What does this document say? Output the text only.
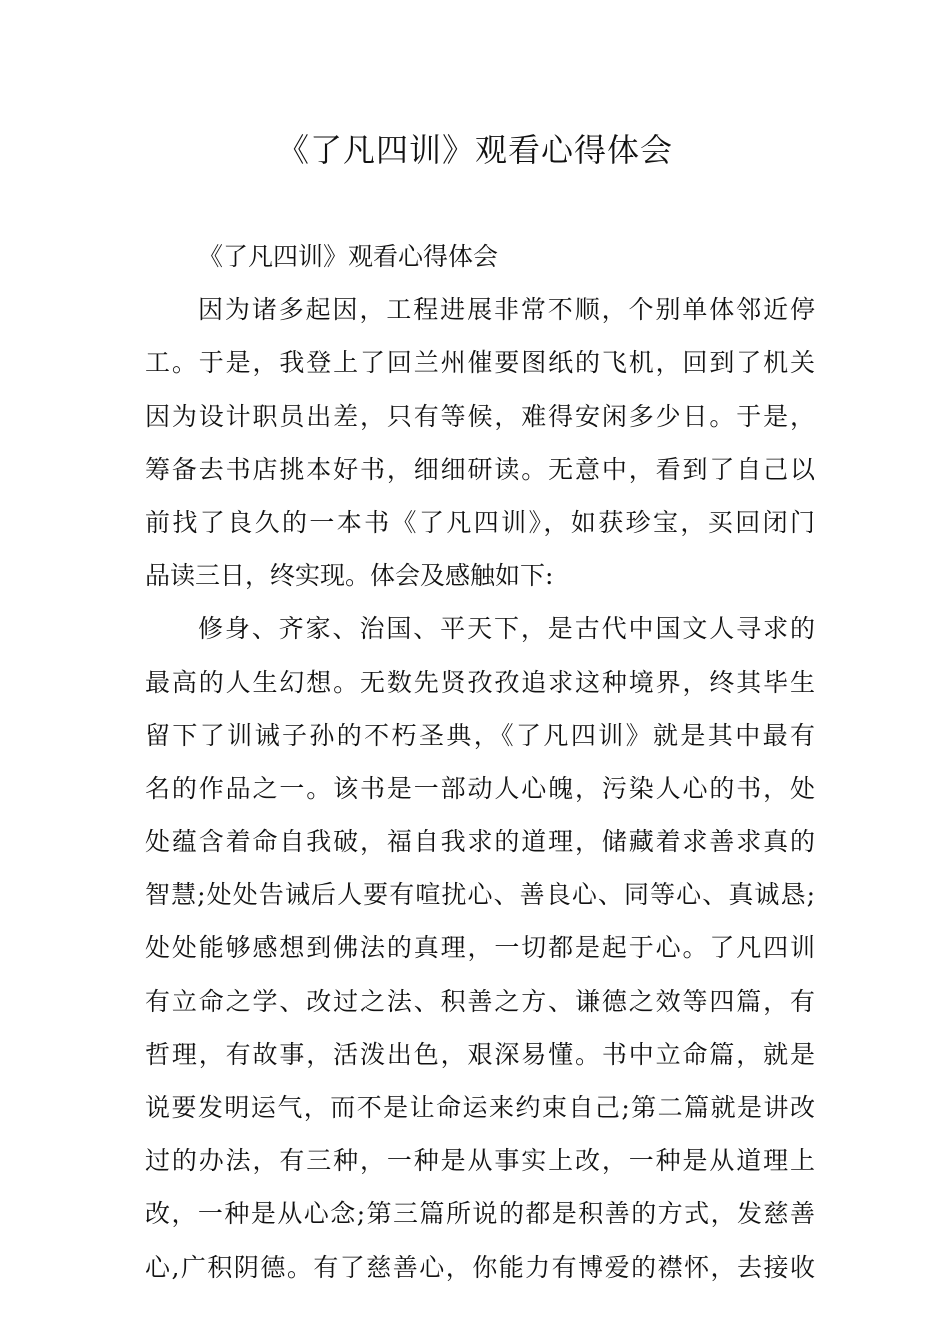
《了凡四训》观看心得体会
《了凡四训》观看心得体会
因为诸多起因，工程进展非常不顺，个别单体邻近停
工。于是，我登上了回兰州催要图纸的飞机，回到了机关
因为设计职员出差，只有等候，难得安闲多少日。于是，
筹备去书店挑本好书，细细研读。无意中，看到了自己以
前找了良久的一本书《了凡四训》，如获珍宝，买回闭门
品读三日，终实现。体会及感触如下:
修身、齐家、治国、平天下，是古代中国文人寻求的
最高的人生幻想。无数先贤孜孜追求这种境界，终其毕生
留下了训诫子孙的不朽圣典，《了凡四训》就是其中最有
名的作品之一。该书是一部动人心魄，污染人心的书，处
处蕴含着命自我破，福自我求的道理，储藏着求善求真的
智慧;处处告诫后人要有喧扰心、善良心、同等心、真诚恳;
处处能够感想到佛法的真理，一切都是起于心。了凡四训
有立命之学、改过之法、积善之方、谦德之效等四篇，有
哲理，有故事，活泼出色，艰深易懂。书中立命篇，就是
说要发明运气，而不是让命运来约束自己;第二篇就是讲改
过的办法，有三种，一种是从事实上改，一种是从道理上
改，一种是从心念;第三篇所说的都是积善的方式，发慈善
心,广积阴德。有了慈善心，你能力有博爱的襟怀，去接收
